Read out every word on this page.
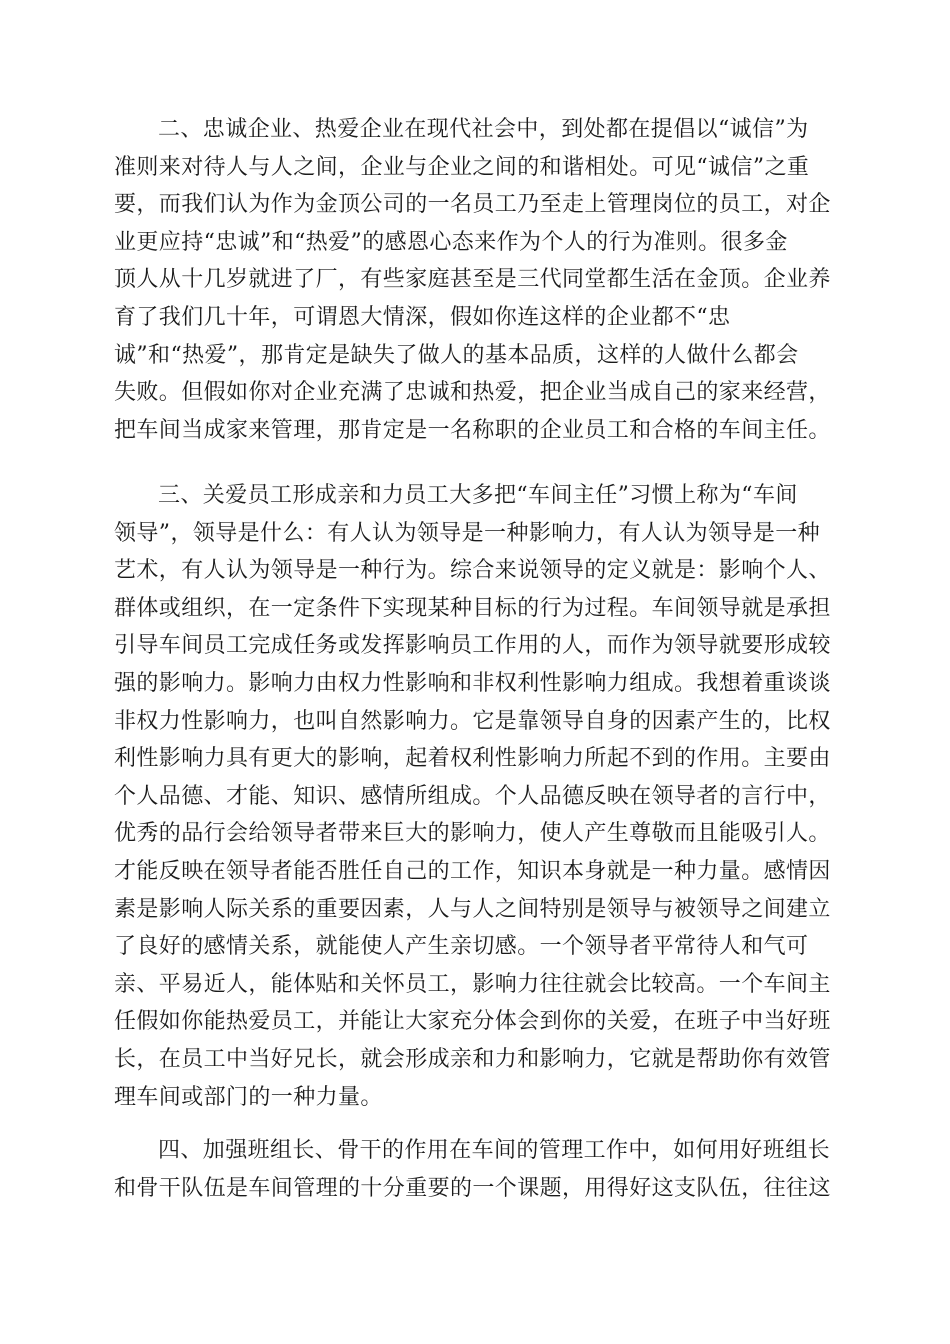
二、忠诚企业、热爱企业在现代社会中，到处都在提倡以“诚信”为
准则来对待人与人之间，企业与企业之间的和谐相处。可见“诚信”之重
要，而我们认为作为金顶公司的一名员工乃至走上管理岗位的员工，对企
业更应持“忠诚”和“热爱”的感恩心态来作为个人的行为准则。很多金
顶人从十几岁就进了厂，有些家庭甚至是三代同堂都生活在金顶。企业养
育了我们几十年，可谓恩大情深，假如你连这样的企业都不“忠
诚”和“热爱”，那肯定是缺失了做人的基本品质，这样的人做什么都会
失败。但假如你对企业充满了忠诚和热爱，把企业当成自己的家来经营，
把车间当成家来管理，那肯定是一名称职的企业员工和合格的车间主任。
三、关爱员工形成亲和力员工大多把“车间主任”习惯上称为“车间
领导”，领导是什么：有人认为领导是一种影响力，有人认为领导是一种
艺术，有人认为领导是一种行为。综合来说领导的定义就是：影响个人、
群体或组织，在一定条件下实现某种目标的行为过程。车间领导就是承担
引导车间员工完成任务或发挥影响员工作用的人，而作为领导就要形成较
强的影响力。影响力由权力性影响和非权利性影响力组成。我想着重谈谈
非权力性影响力，也叫自然影响力。它是靠领导自身的因素产生的，比权
利性影响力具有更大的影响，起着权利性影响力所起不到的作用。主要由
个人品德、才能、知识、感情所组成。个人品德反映在领导者的言行中，
优秀的品行会给领导者带来巨大的影响力，使人产生尊敬而且能吸引人。
才能反映在领导者能否胜任自己的工作，知识本身就是一种力量。感情因
素是影响人际关系的重要因素，人与人之间特别是领导与被领导之间建立
了良好的感情关系，就能使人产生亲切感。一个领导者平常待人和气可
亲、平易近人，能体贴和关怀员工，影响力往往就会比较高。一个车间主
任假如你能热爱员工，并能让大家充分体会到你的关爱，在班子中当好班
长，在员工中当好兄长，就会形成亲和力和影响力，它就是帮助你有效管
理车间或部门的一种力量。
四、加强班组长、骨干的作用在车间的管理工作中，如何用好班组长
和骨干队伍是车间管理的十分重要的一个课题，用得好这支队伍，往往这
